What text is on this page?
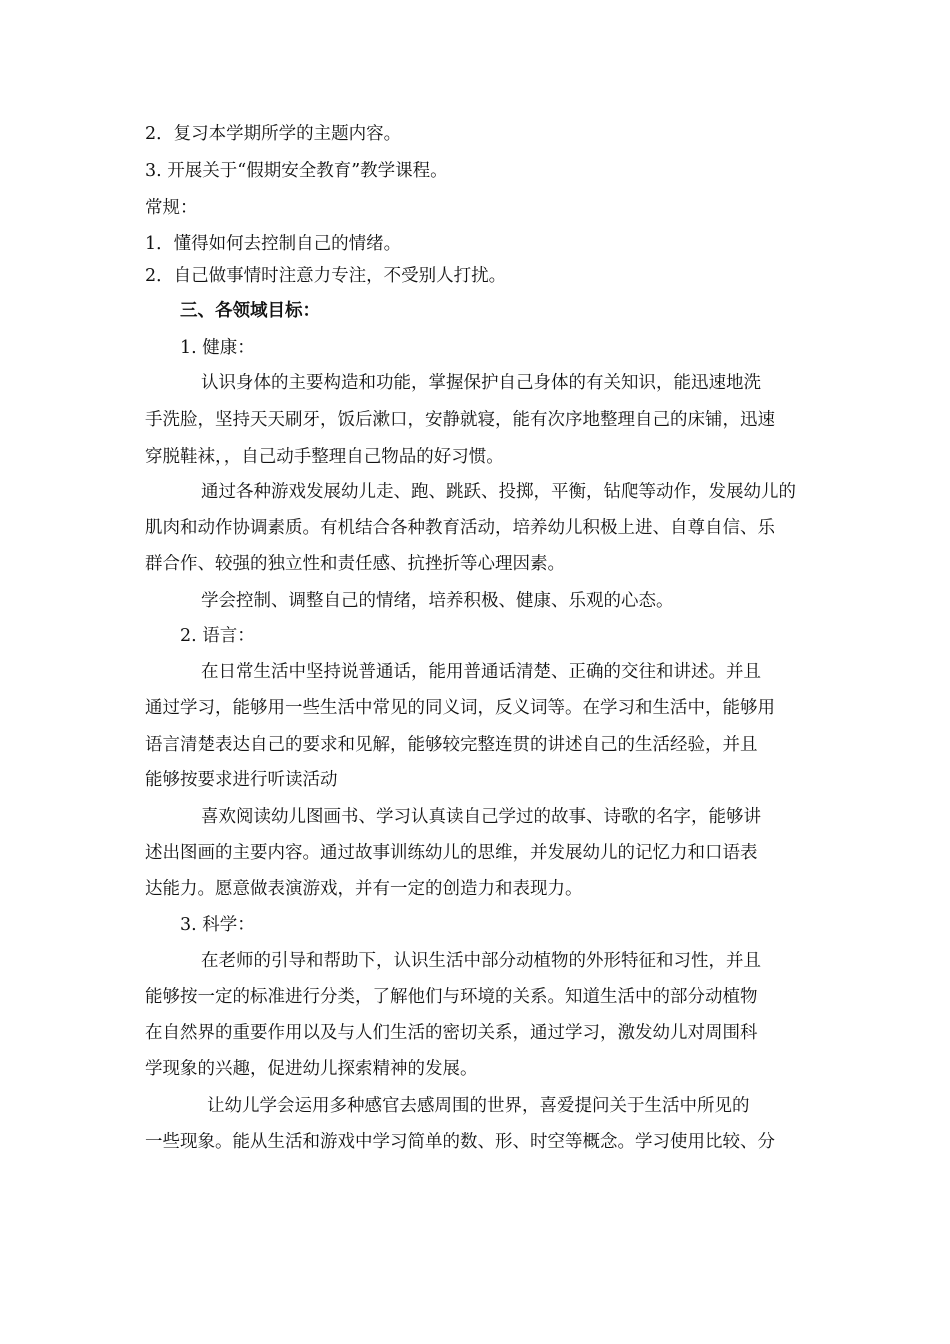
2．复习本学期所学的主题内容。
3. 开展关于“假期安全教育”教学课程。
常规：
1．懂得如何去控制自己的情绪。
2．自己做事情时注意力专注，不受别人打扰。
三、各领域目标：
1. 健康：
认识身体的主要构造和功能，掌握保护自己身体的有关知识，能迅速地洗
手洗脸，坚持天天刷牙，饭后漱口，安静就寝，能有次序地整理自己的床铺，迅速
穿脱鞋袜，，自己动手整理自己物品的好习惯。
通过各种游戏发展幼儿走、跑、跳跃、投掷，平衡，钻爬等动作，发展幼儿的
肌肉和动作协调素质。有机结合各种教育活动，培养幼儿积极上进、自尊自信、乐
群合作、较强的独立性和责任感、抗挫折等心理因素。
学会控制、调整自己的情绪，培养积极、健康、乐观的心态。
2. 语言：
在日常生活中坚持说普通话，能用普通话清楚、正确的交往和讲述。并且
通过学习，能够用一些生活中常见的同义词，反义词等。在学习和生活中，能够用
语言清楚表达自己的要求和见解，能够较完整连贯的讲述自己的生活经验，并且
能够按要求进行听读活动
喜欢阅读幼儿图画书、学习认真读自己学过的故事、诗歌的名字，能够讲
述出图画的主要内容。通过故事训练幼儿的思维，并发展幼儿的记忆力和口语表
达能力。愿意做表演游戏，并有一定的创造力和表现力。
3. 科学：
在老师的引导和帮助下，认识生活中部分动植物的外形特征和习性，并且
能够按一定的标准进行分类，了解他们与环境的关系。知道生活中的部分动植物
在自然界的重要作用以及与人们生活的密切关系，通过学习，激发幼儿对周围科
学现象的兴趣，促进幼儿探索精神的发展。
让幼儿学会运用多种感官去感周围的世界，喜爱提问关于生活中所见的
一些现象。能从生活和游戏中学习简单的数、形、时空等概念。学习使用比较、分
